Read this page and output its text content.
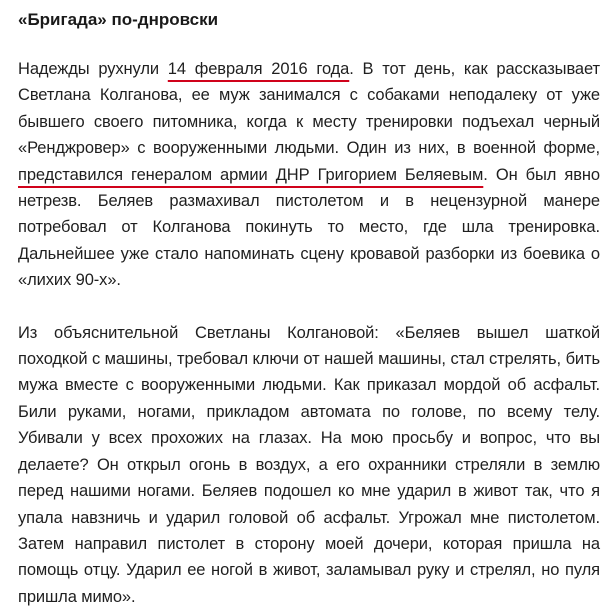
«Бригада» по-днровски

Надежды рухнули 14 февраля 2016 года. В тот день, как рассказывает Светлана Колганова, ее муж занимался с собаками неподалеку от уже бывшего своего питомника, когда к месту тренировки подъехал черный «Ренджровер» с вооруженными людьми. Один из них, в военной форме, представился генералом армии ДНР Григорием Беляевым. Он был явно нетрезв. Беляев размахивал пистолетом и в нецензурной манере потребовал от Колганова покинуть то место, где шла тренировка. Дальнейшее уже стало напоминать сцену кровавой разборки из боевика о «лихих 90-х».

Из объяснительной Светланы Колгановой: «Беляев вышел шаткой походкой с машины, требовал ключи от нашей машины, стал стрелять, бить мужа вместе с вооруженными людьми. Как приказал мордой об асфальт. Били руками, ногами, прикладом автомата по голове, по всему телу. Убивали у всех прохожих на глазах. На мою просьбу и вопрос, что вы делаете? Он открыл огонь в воздух, а его охранники стреляли в землю перед нашими ногами. Беляев подошел ко мне ударил в живот так, что я упала навзничь и ударил головой об асфальт. Угрожал мне пистолетом. Затем направил пистолет в сторону моей дочери, которая пришла на помощь отцу. Ударил ее ногой в живот, заламывал руку и стрелял, но пуля пришла мимо».
